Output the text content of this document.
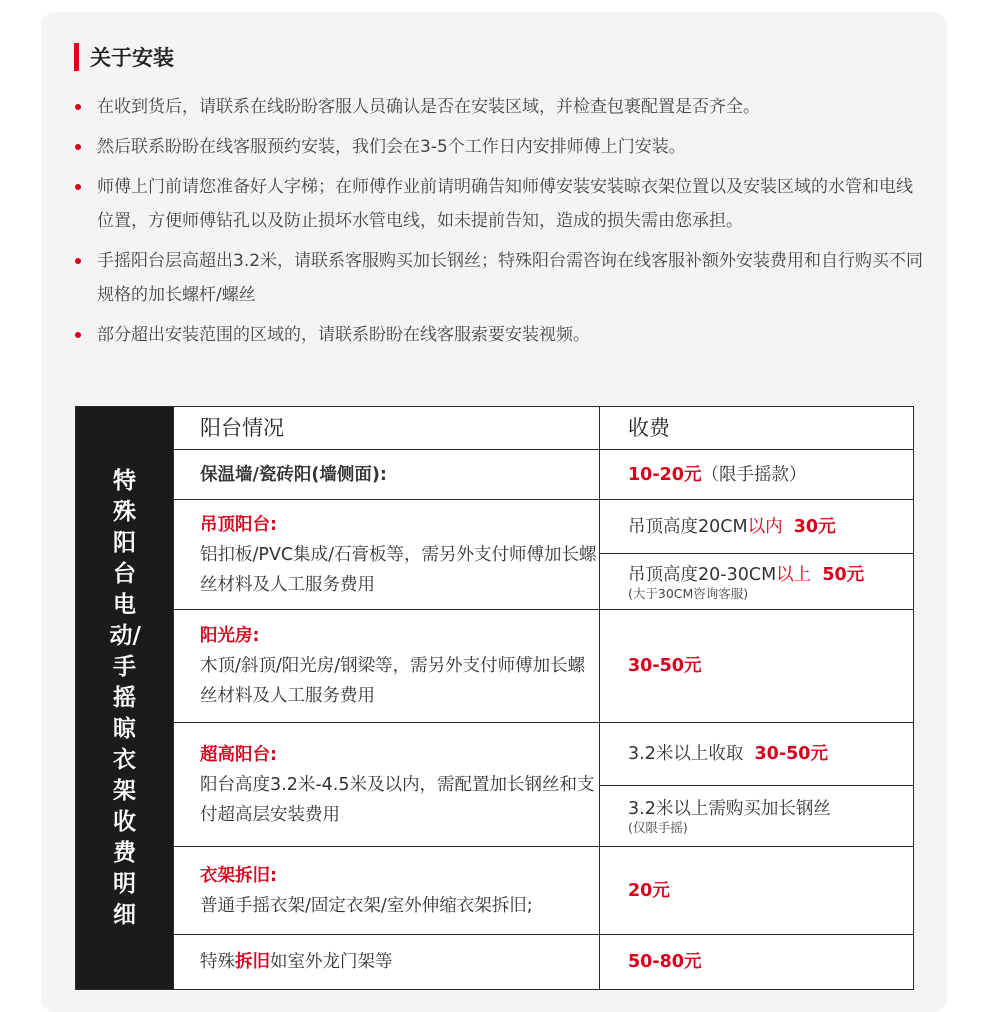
关于安装
在收到货后，请联系在线盼盼客服人员确认是否在安装区域，并检查包裹配置是否齐全。
然后联系盼盼在线客服预约安装，我们会在3-5个工作日内安排师傅上门安装。
师傅上门前请您准备好人字梯；在师傅作业前请明确告知师傅安装安装晾衣架位置以及安装区域的水管和电线位置，方便师傅钻孔以及防止损坏水管电线，如未提前告知，造成的损失需由您承担。
手摇阳台层高超出3.2米，请联系客服购买加长钢丝；特殊阳台需咨询在线客服补额外安装费用和自行购买不同规格的加长螺杆/螺丝
部分超出安装范围的区域的，请联系盼盼在线客服索要安装视频。
特殊阳台电动/手摇晾衣架收费明细	阳台情况	收费
	保温墙/瓷砖阳(墙侧面):	10-20元（限手摇款）

	吊顶阳台:
铝扣板/PVC集成/石膏板等，需另外支付师傅加长螺丝材料及人工服务费用	吊顶高度20CM以内 30元
		吊顶高度20-30CM以上 50元
(大于30CM咨询客服)

	阳光房:
木顶/斜顶/阳光房/钢梁等，需另外支付师傅加长螺丝材料及人工服务费用	30-50元

	超高阳台:
阳台高度3.2米-4.5米及以内，需配置加长钢丝和支付超高层安装费用	3.2米以上收取 30-50元
		3.2米以上需购买加长钢丝
(仅限手摇)

	衣架拆旧:
普通手摇衣架/固定衣架/室外伸缩衣架拆旧;	20元
	特殊拆旧如室外龙门架等	50-80元
